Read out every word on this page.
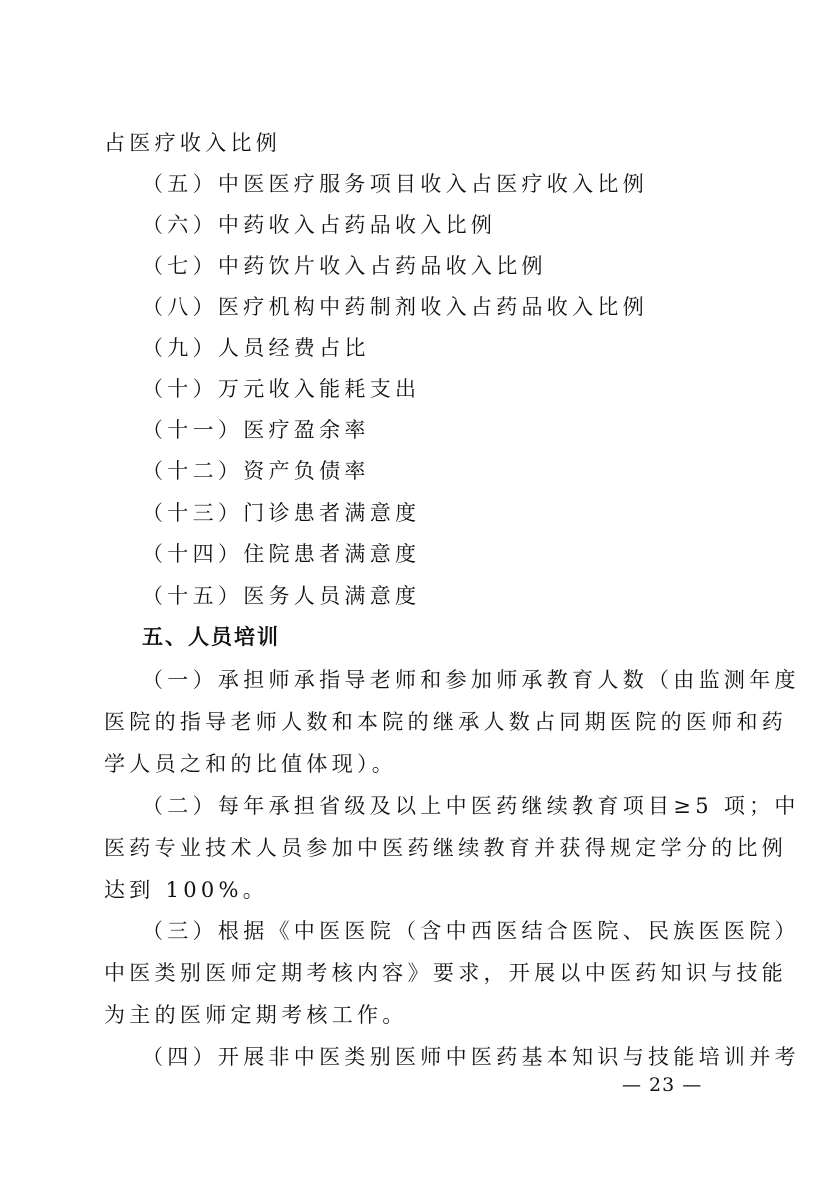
占医疗收入比例
（五）中医医疗服务项目收入占医疗收入比例
（六）中药收入占药品收入比例
（七）中药饮片收入占药品收入比例
（八）医疗机构中药制剂收入占药品收入比例
（九）人员经费占比
（十）万元收入能耗支出
（十一）医疗盈余率
（十二）资产负债率
（十三）门诊患者满意度
（十四）住院患者满意度
（十五）医务人员满意度
五、人员培训
（一）承担师承指导老师和参加师承教育人数（由监测年度
医院的指导老师人数和本院的继承人数占同期医院的医师和药
学人员之和的比值体现）。
（二）每年承担省级及以上中医药继续教育项目≥5 项；中
医药专业技术人员参加中医药继续教育并获得规定学分的比例
达到 100%。
（三）根据《中医医院（含中西医结合医院、民族医医院）
中医类别医师定期考核内容》要求，开展以中医药知识与技能
为主的医师定期考核工作。
（四）开展非中医类别医师中医药基本知识与技能培训并考
— 23 —
